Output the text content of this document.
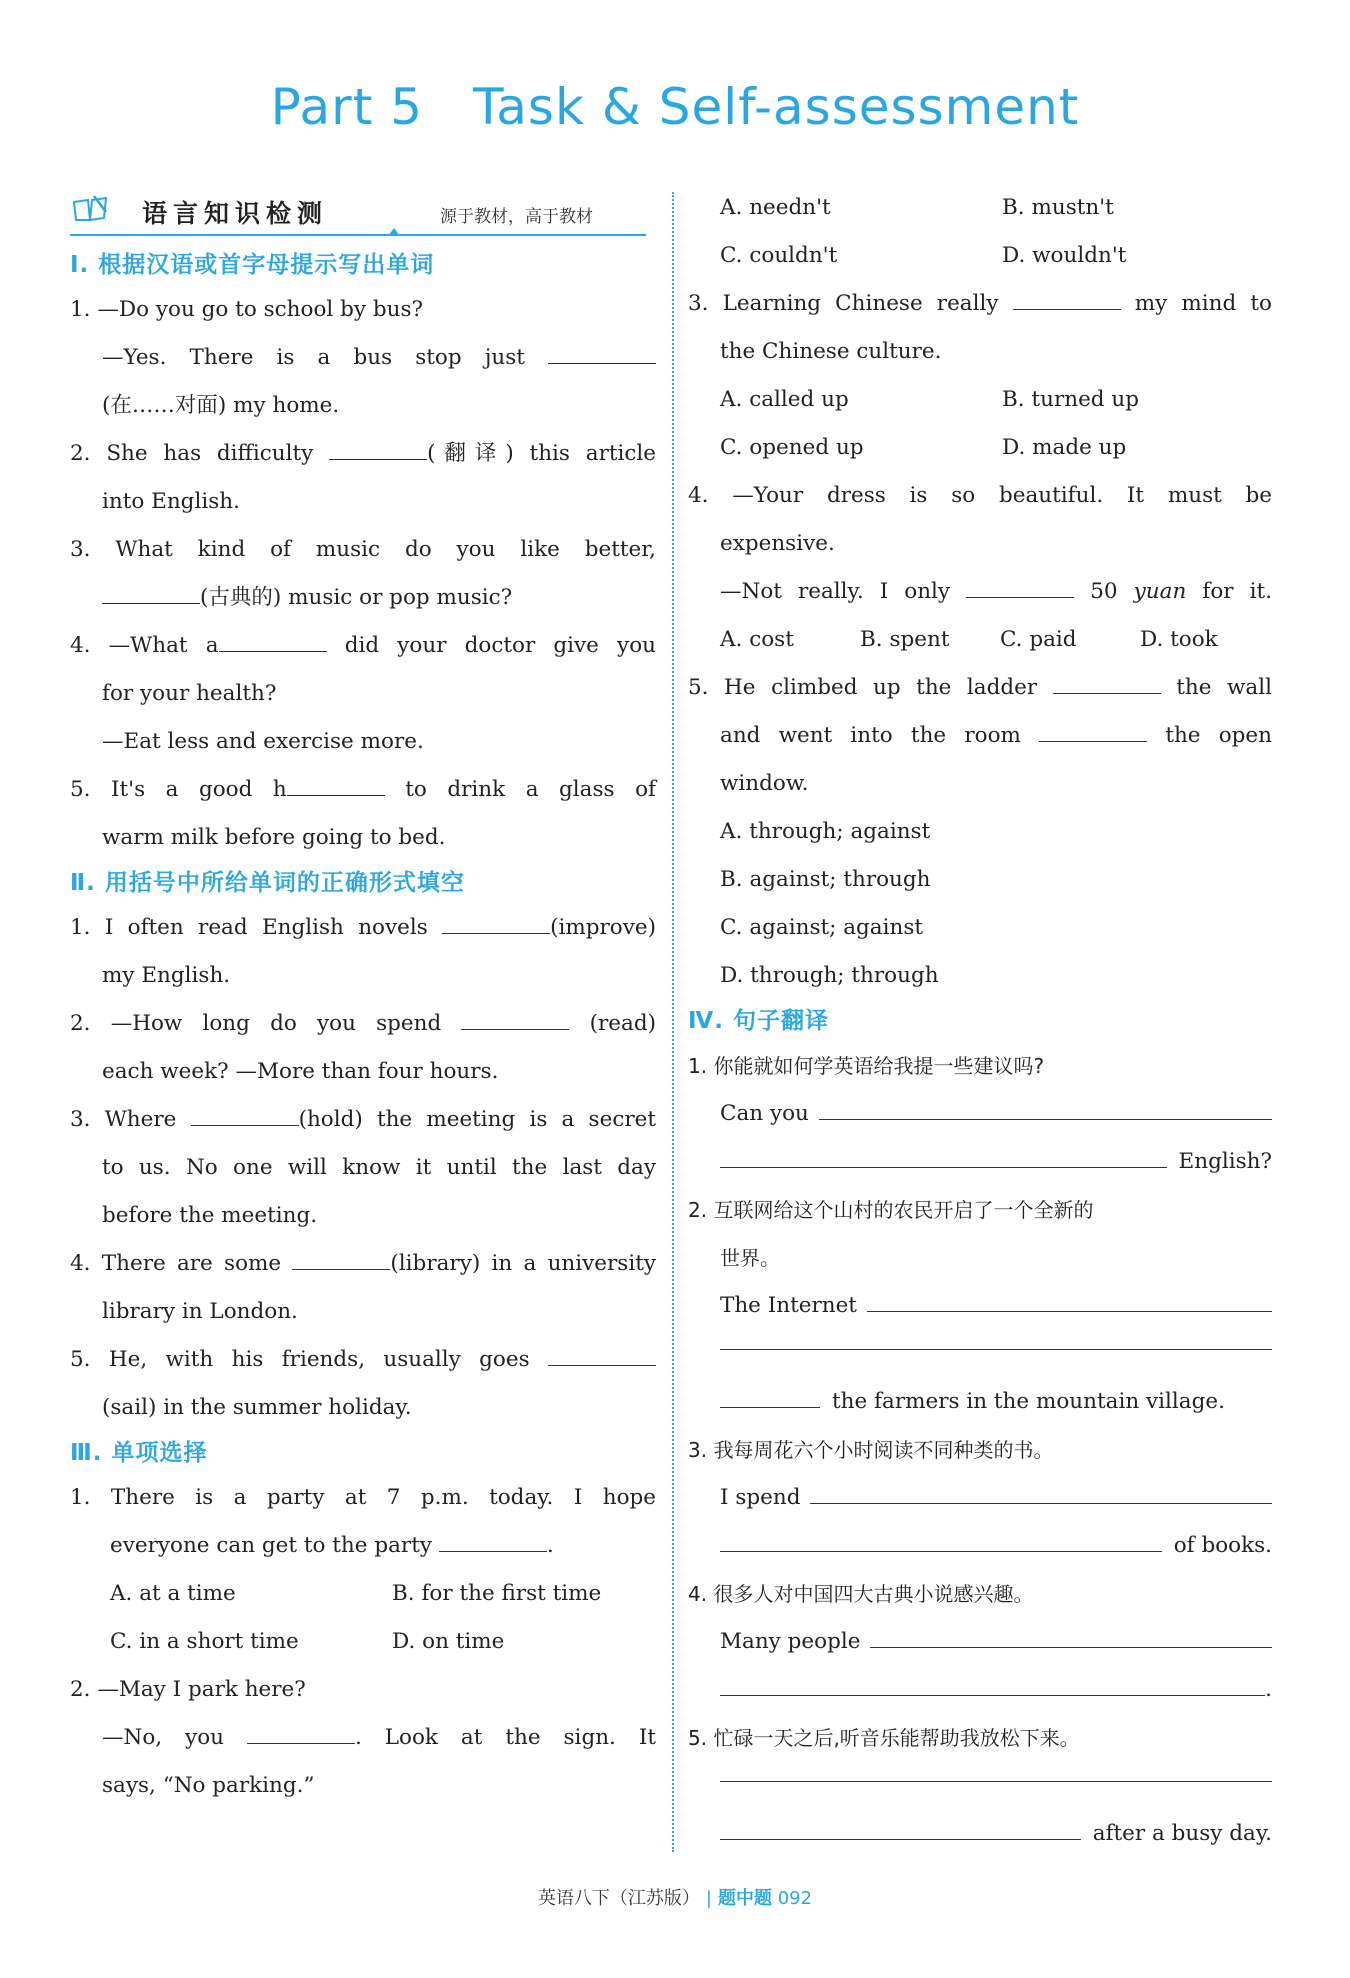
Part 5 Task & Self-assessment
语言知识检测	源于教材，高于教材
Ⅰ. 根据汉语或首字母提示写出单词
1. —Do you go to school by bus?
—Yes. There is a bus stop just
(在……对面) my home.
2. She has difficulty	(翻译) this article
into English.
3. What kind of music do you like better,
(古典的) music or pop music?
4. —What a	did your doctor give you
for your health?
—Eat less and exercise more.
5. It's a good h	to drink a glass of
warm milk before going to bed.
Ⅱ. 用括号中所给单词的正确形式填空
1. I often read English novels	(improve)
my English.
2. —How long do you spend	(read)
each week? —More than four hours.
3. Where	(hold) the meeting is a secret
to us. No one will know it until the last day
before the meeting.
4. There are some	(library) in a university
library in London.
5. He, with his friends, usually goes
(sail) in the summer holiday.
Ⅲ. 单项选择
1. There is a party at 7 p.m. today. I hope
everyone can get to the party	.
A. at a time	B. for the first time
C. in a short time	D. on time
2. —May I park here?
—No, you	. Look at the sign. It
says, “No parking.”
A. needn't	B. mustn't
C. couldn't	D. wouldn't
3. Learning Chinese really	my mind to
the Chinese culture.
A. called up	B. turned up
C. opened up	D. made up
4. —Your dress is so beautiful. It must be
expensive.
—Not really. I only	50 yuan for it.
A. cost	B. spent	C. paid	D. took
5. He climbed up the ladder	the wall
and went into the room	the open
window.
A. through; against
B. against; through
C. against; against
D. through; through
Ⅳ. 句子翻译
1. 你能就如何学英语给我提一些建议吗?
Can you
English?
2. 互联网给这个山村的农民开启了一个全新的
世界。
The Internet
the farmers in the mountain village.
3. 我每周花六个小时阅读不同种类的书。
I spend
of books.
4. 很多人对中国四大古典小说感兴趣。
Many people
.
5. 忙碌一天之后,听音乐能帮助我放松下来。
after a busy day.
英语八下（江苏版） | 题中题 092
